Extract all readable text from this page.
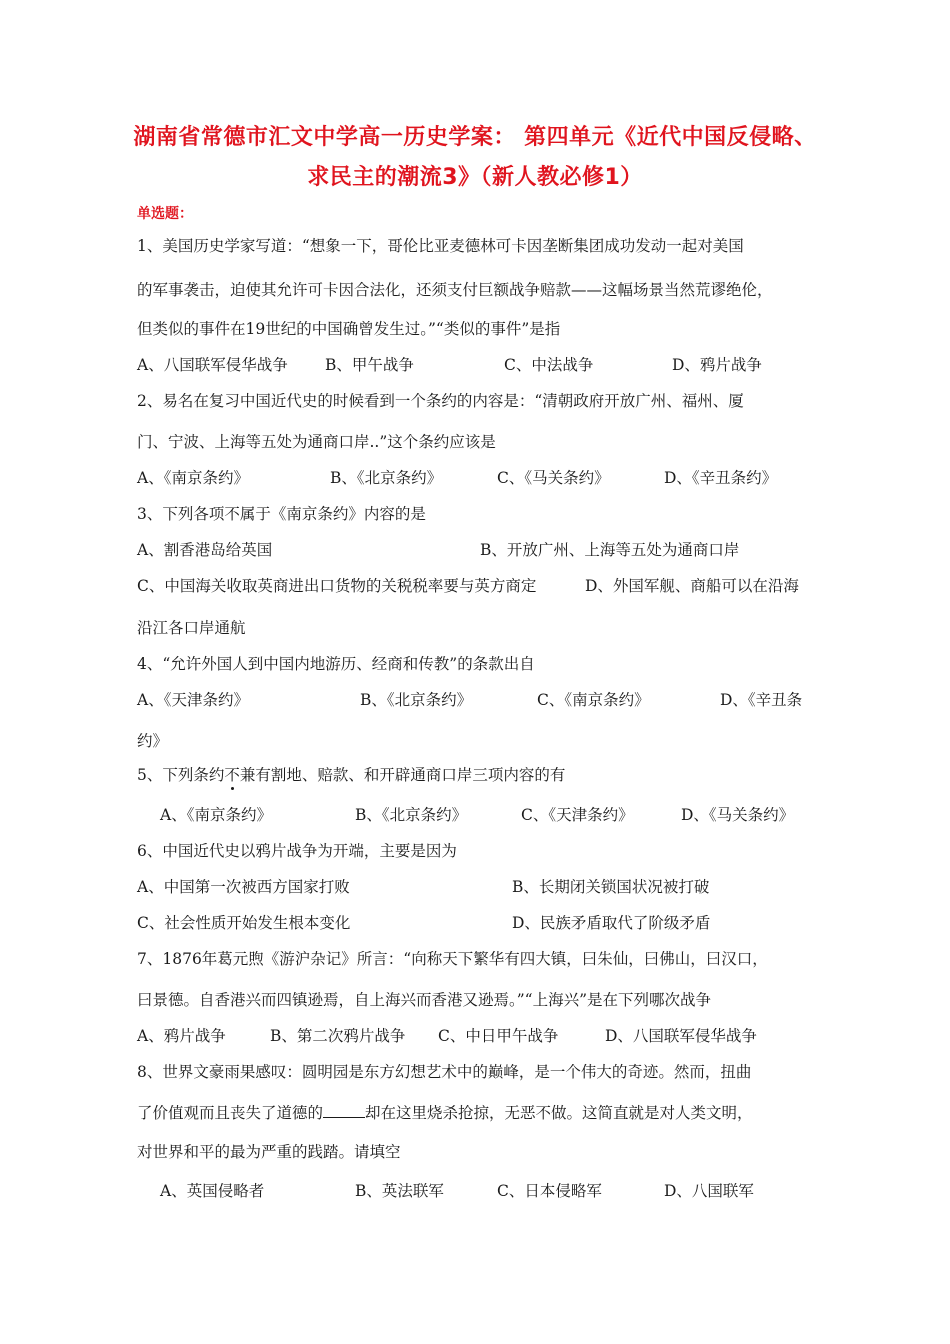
湖南省常德市汇文中学高一历史学案： 第四单元《近代中国反侵略、
求民主的潮流3》（新人教必修1）
单选题：
1、美国历史学家写道：“想象一下，哥伦比亚麦德林可卡因垄断集团成功发动一起对美国
的军事袭击，迫使其允许可卡因合法化，还须支付巨额战争赔款——这幅场景当然荒谬绝伦，
但类似的事件在19世纪的中国确曾发生过。”“类似的事件”是指
A、八国联军侵华战争 B、甲午战争	C、中法战争	D、鸦片战争
2、易名在复习中国近代史的时候看到一个条约的内容是：“清朝政府开放广州、福州、厦
门、宁波、上海等五处为通商口岸..”这个条约应该是
A、《南京条约》	B、《北京条约》	C、《马关条约》	D、《辛丑条约》
3、下列各项不属于《南京条约》内容的是
A、割香港岛给英国	B、开放广州、上海等五处为通商口岸
C、中国海关收取英商进出口货物的关税税率要与英方商定	D、外国军舰、商船可以在沿海
沿江各口岸通航
4、“允许外国人到中国内地游历、经商和传教”的条款出自
A、《天津条约》	B、《北京条约》	C、《南京条约》	D、《辛丑条
约》
5、下列条约不
兼有割地、赔款、和开辟通商口岸三项内容的有
A、《南京条约》	B、《北京条约》	C、《天津条约》	D、《马关条约》
6、中国近代史以鸦片战争为开端，主要是因为
A、中国第一次被西方国家打败	B、长期闭关锁国状况被打破
C、社会性质开始发生根本变化	D、民族矛盾取代了阶级矛盾
7、1876年葛元煦《游沪杂记》所言：“向称天下繁华有四大镇，曰朱仙，曰佛山，曰汉口，
曰景德。自香港兴而四镇逊焉，自上海兴而香港又逊焉。”“上海兴”是在下列哪次战争
A、鸦片战争	B、第二次鸦片战争 C、中日甲午战争	D、八国联军侵华战争
8、世界文豪雨果感叹：圆明园是东方幻想艺术中的巅峰，是一个伟大的奇迹。然而，扭曲
了价值观而且丧失了道德的	却在这里烧杀抢掠，无恶不做。这简直就是对人类文明，
对世界和平的最为严重的践踏。请填空
A、英国侵略者	B、英法联军	C、日本侵略军	D、八国联军
